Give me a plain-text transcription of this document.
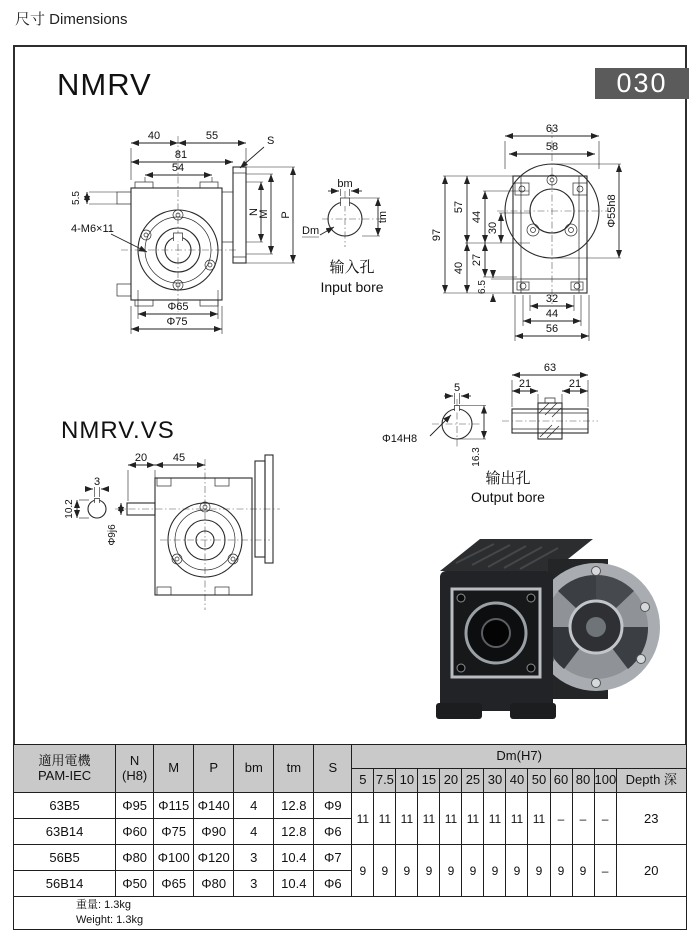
尺寸 Dimensions
NMRV	030
NMRV.VS
40	55
81
54
5.5
S
N
M P
4-M6×11
Φ65
Φ75
bm
tm
Dm
输入孔
Input bore
63
58
97
57
40
44
27
30
6.5
Φ55h8
32
44
56
20 45
3
10.2
Φ9j6
5
Φ14H8
16.3
63
21	21
输出孔
Output bore
適用電機
PAM-IEC	N
(H8)	M	P	bm	tm	S	Dm(H7)												
							5	7.5	10	15	20	25	30	40	50	60	80	100	Depth 深
63B5	Φ95	Φ115	Φ140	4	12.8	Φ9	11	11	11	11	11	11	11	11	11	–	–	–	23
63B14	Φ60	Φ75	Φ90	4	12.8	Φ6													
56B5	Φ80	Φ100	Φ120	3	10.4	Φ7	9	9	9	9	9	9	9	9	9	9	9	–	20
56B14	Φ50	Φ65	Φ80	3	10.4	Φ6													

重量: 1.3kg
Weight: 1.3kg																			
